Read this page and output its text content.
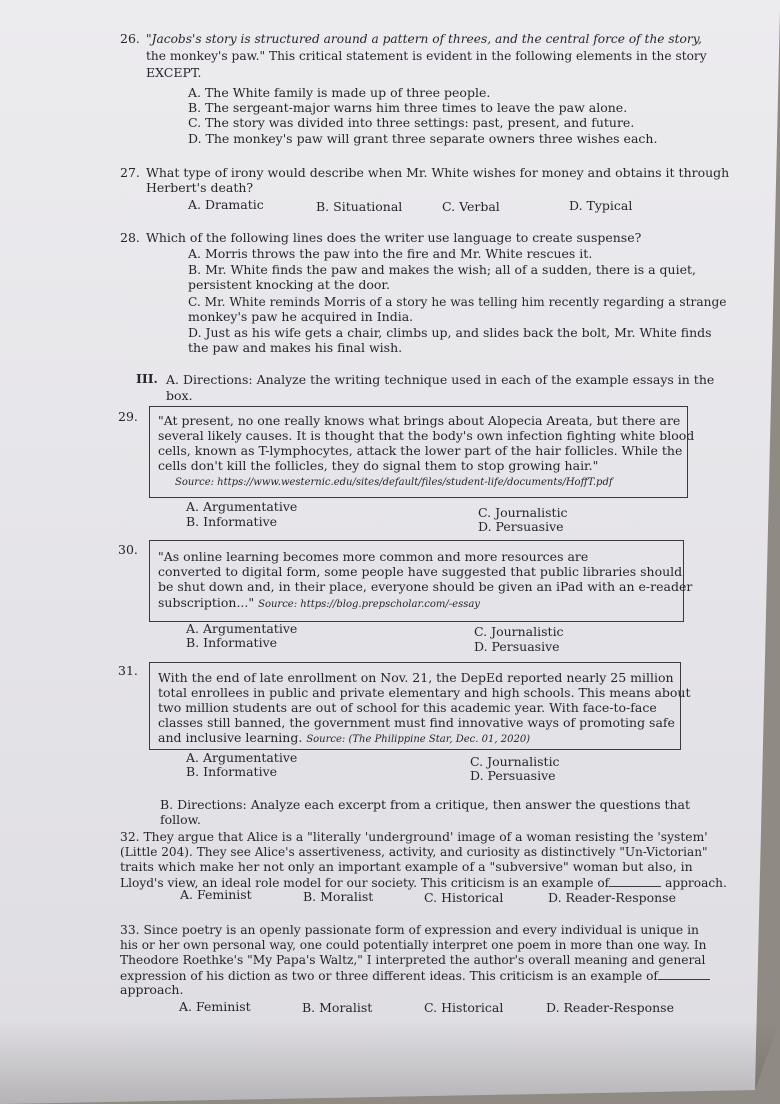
26. "Jacobs's story is structured around a pattern of threes, and the central force of the story,
the monkey's paw." This critical statement is evident in the following elements in the story
EXCEPT.
A. The White family is made up of three people.
B. The sergeant-major warns him three times to leave the paw alone.
C. The story was divided into three settings: past, present, and future.
D. The monkey's paw will grant three separate owners three wishes each.
27. What type of irony would describe when Mr. White wishes for money and obtains it through
Herbert's death?
A. Dramatic	B. Situational	C. Verbal	D. Typical
28. Which of the following lines does the writer use language to create suspense?
A. Morris throws the paw into the fire and Mr. White rescues it.
B. Mr. White finds the paw and makes the wish; all of a sudden, there is a quiet,
persistent knocking at the door.
C. Mr. White reminds Morris of a story he was telling him recently regarding a strange
monkey's paw he acquired in India.
D. Just as his wife gets a chair, climbs up, and slides back the bolt, Mr. White finds
the paw and makes his final wish.
III. A. Directions: Analyze the writing technique used in each of the example essays in the
box.
29. "At present, no one really knows what brings about Alopecia Areata, but there are
several likely causes. It is thought that the body's own infection fighting white blood
cells, known as T-lymphocytes, attack the lower part of the hair follicles. While the
cells don't kill the follicles, they do signal them to stop growing hair."
Source: https://www.westernic.edu/sites/default/files/student-life/documents/HoffT.pdf
A. Argumentative	C. Journalistic
B. Informative	D. Persuasive
30. "As online learning becomes more common and more resources are
converted to digital form, some people have suggested that public libraries should
be shut down and, in their place, everyone should be given an iPad with an e-reader
subscription..." Source: https://blog.prepscholar.com/-essay
A. Argumentative	C. Journalistic
B. Informative	D. Persuasive
31. With the end of late enrollment on Nov. 21, the DepEd reported nearly 25 million
total enrollees in public and private elementary and high schools. This means about
two million students are out of school for this academic year. With face-to-face
classes still banned, the government must find innovative ways of promoting safe
and inclusive learning. Source: (The Philippine Star, Dec. 01, 2020)
A. Argumentative	C. Journalistic
B. Informative	D. Persuasive
B. Directions: Analyze each excerpt from a critique, then answer the questions that
follow.
32. They argue that Alice is a "literally 'underground' image of a woman resisting the 'system'
(Little 204). They see Alice's assertiveness, activity, and curiosity as distinctively "Un-Victorian"
traits which make her not only an important example of a "subversive" woman but also, in
Lloyd's view, an ideal role model for our society. This criticism is an example of	approach.
A. Feminist	B. Moralist	C. Historical	D. Reader-Response
33. Since poetry is an openly passionate form of expression and every individual is unique in
his or her own personal way, one could potentially interpret one poem in more than one way. In
Theodore Roethke's "My Papa's Waltz," I interpreted the author's overall meaning and general
expression of his diction as two or three different ideas. This criticism is an example of
approach.
A. Feminist	B. Moralist	C. Historical	D. Reader-Response
